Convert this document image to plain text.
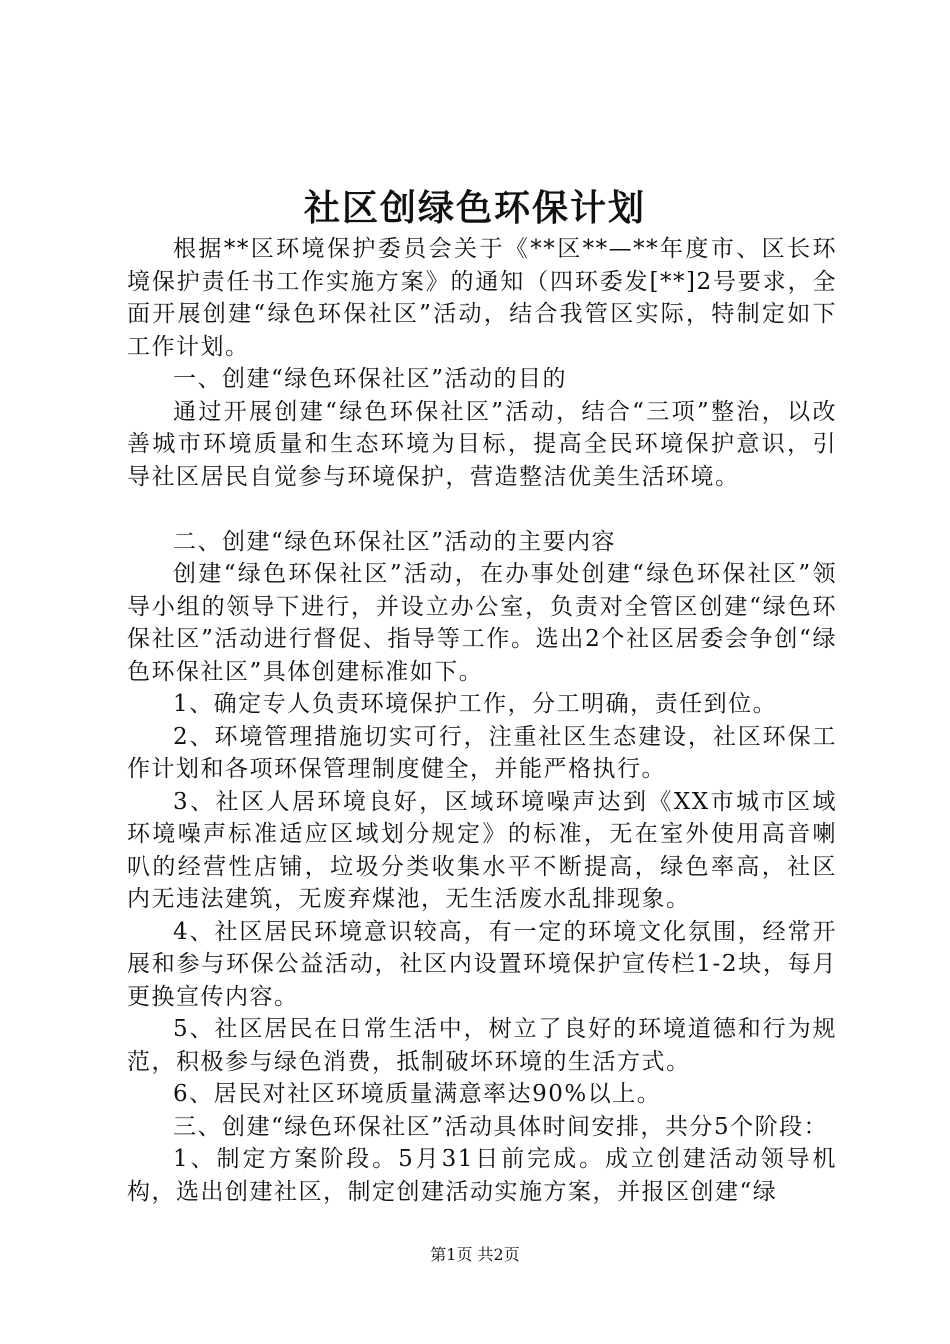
社区创绿色环保计划

根据**区环境保护委员会关于《**区**—**年度市、区长环境保护责任书工作实施方案》的通知（四环委发[**]2号要求，全面开展创建“绿色环保社区”活动，结合我管区实际，特制定如下工作计划。

一、创建“绿色环保社区”活动的目的

通过开展创建“绿色环保社区”活动，结合“三项”整治，以改善城市环境质量和生态环境为目标，提高全民环境保护意识，引导社区居民自觉参与环境保护，营造整洁优美生活环境。

二、创建“绿色环保社区”活动的主要内容

创建“绿色环保社区”活动，在办事处创建“绿色环保社区”领导小组的领导下进行，并设立办公室，负责对全管区创建“绿色环保社区”活动进行督促、指导等工作。选出2个社区居委会争创“绿色环保社区”具体创建标准如下。

1、确定专人负责环境保护工作，分工明确，责任到位。

2、环境管理措施切实可行，注重社区生态建设，社区环保工作计划和各项环保管理制度健全，并能严格执行。

3、社区人居环境良好，区域环境噪声达到《XX市城市区域环境噪声标准适应区域划分规定》的标准，无在室外使用高音喇叭的经营性店铺，垃圾分类收集水平不断提高，绿色率高，社区内无违法建筑，无废弃煤池，无生活废水乱排现象。

4、社区居民环境意识较高，有一定的环境文化氛围，经常开展和参与环保公益活动，社区内设置环境保护宣传栏1-2块，每月更换宣传内容。

5、社区居民在日常生活中，树立了良好的环境道德和行为规范，积极参与绿色消费，抵制破坏环境的生活方式。

6、居民对社区环境质量满意率达90%以上。

三、创建“绿色环保社区”活动具体时间安排，共分5个阶段：

1、制定方案阶段。5月31日前完成。成立创建活动领导机构，选出创建社区，制定创建活动实施方案，并报区创建“绿

第1页 共2页
